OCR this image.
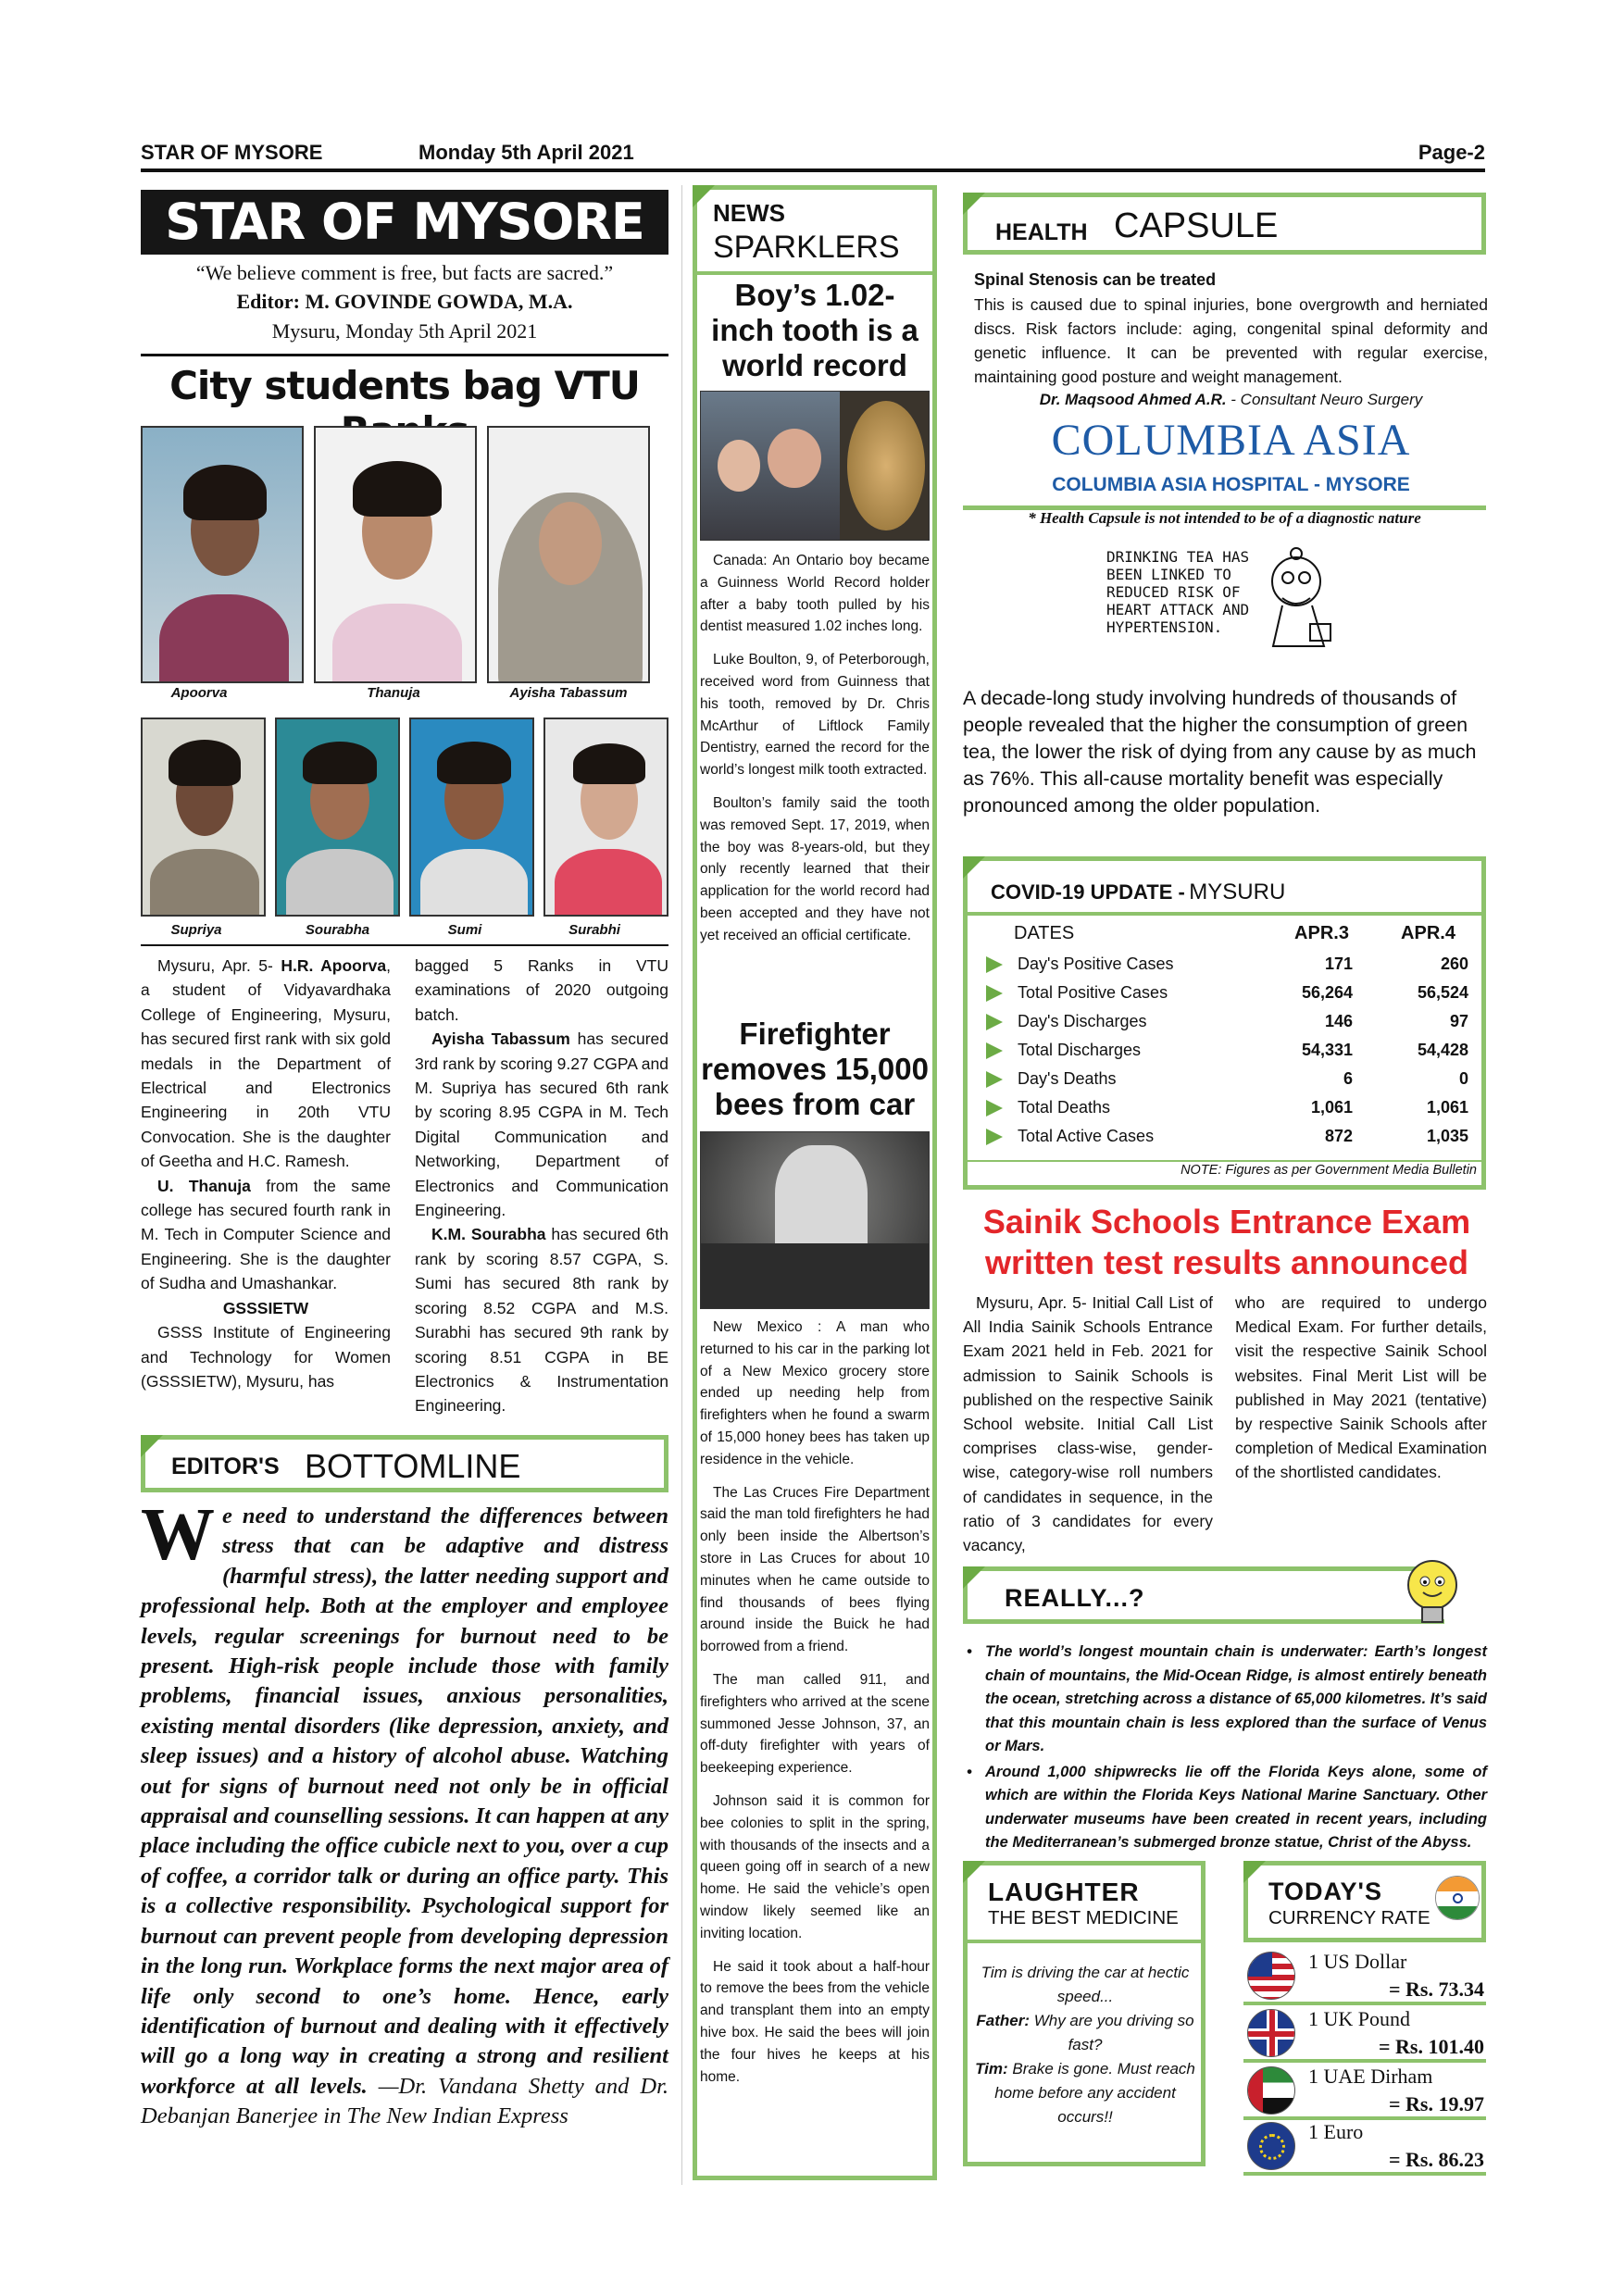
STAR OF MYSORE	Monday 5th April 2021	Page-2
STAR OF MYSORE
“We believe comment is free, but facts are sacred.”
Editor: M. GOVINDE GOWDA, M.A.
Mysuru, Monday 5th April 2021
City students bag VTU
Apoorva	Thanuja	Ayisha Tabassum
Supriya	Sourabha	Sumi	Surabhi

Mysuru, Apr. 5- H.R. Apoorva, a student of Vidyavardhaka College of Engineering, Mysuru, has secured first rank with six gold medals in the Department of Electrical and Electronics Engineering in 20th VTU Convocation. She is the daughter of Geetha and H.C. Ramesh.

U. Thanuja from the same college has secured fourth rank in M. Tech in Computer Science and Engineering. She is the daughter of Sudha and Umashankar.

GSSSIETW

GSSS Institute of Engineering and Technology for Women (GSSSIETW), Mysuru, has

bagged 5 Ranks in VTU examinations of 2020 outgoing batch.

Ayisha Tabassum has secured 3rd rank by scoring 9.27 CGPA and M. Supriya has secured 6th rank by scoring 8.95 CGPA in M. Tech Digital Communication and Networking, Department of Electronics and Communication Engineering.

K.M. Sourabha has secured 6th rank by scoring 8.57 CGPA, S. Sumi has secured 8th rank by scoring 8.52 CGPA and M.S. Surabhi has secured 9th rank by scoring 8.51 CGPA in BE Electronics & Instrumentation Engineering.

EDITOR'S BOTTOMLINE
We need to understand the differences between stress that can be adaptive and distress (harmful stress), the latter needing support and professional help. Both at the employer and employee levels, regular screenings for burnout need to be present. High-risk people include those with family problems, financial issues, anxious personalities, existing mental disorders (like depression, anxiety, and sleep issues) and a history of alcohol abuse. Watching out for signs of burnout need not only be in official appraisal and counselling sessions. It can happen at any place including the office cubicle next to you, over a cup of coffee, a corridor talk or during an office party. This is a collective responsibility. Psychological support for burnout can prevent people from developing depression in the long run. Workplace forms the next major area of life only second to one’s home. Hence, early identification of burnout and dealing with it effectively will go a long way in creating a strong and resilient workforce at all levels. —Dr. Vandana Shetty and Dr. Debanjan Banerjee in The New Indian Express
NEWS
SPARKLERS
Boy’s 1.02-inch tooth is a world record

Canada: An Ontario boy became a Guinness World Record holder after a baby tooth pulled by his dentist measured 1.02 inches long.

Luke Boulton, 9, of Peterborough, received word from Guinness that his tooth, removed by Dr. Chris McArthur of Liftlock Family Dentistry, earned the record for the world’s longest milk tooth extracted.

Boulton’s family said the tooth was removed Sept. 17, 2019, when the boy was 8-years-old, but they only recently learned that their application for the world record had been accepted and they have not yet received an official certificate.

Firefighter removes 15,000 bees from car

New Mexico : A man who returned to his car in the parking lot of a New Mexico grocery store ended up needing help from firefighters when he found a swarm of 15,000 honey bees has taken up residence in the vehicle.

The Las Cruces Fire Department said the man told firefighters he had only been inside the Albertson’s store in Las Cruces for about 10 minutes when he came outside to find thousands of bees flying around inside the Buick he had borrowed from a friend.

The man called 911, and firefighters who arrived at the scene summoned Jesse Johnson, 37, an off-duty firefighter with years of beekeeping experience.

Johnson said it is common for bee colonies to split in the spring, with thousands of the insects and a queen going off in search of a new home. He said the vehicle’s open window likely seemed like an inviting location.

He said it took about a half-hour to remove the bees from the vehicle and transplant them into an empty hive box. He said the bees will join the four hives he keeps at his home.

HEALTH CAPSULE
Spinal Stenosis can be treated
This is caused due to spinal injuries, bone overgrowth and herniated discs. Risk factors include: aging, congenital spinal deformity and genetic influence. It can be prevented with regular exercise, maintaining good posture and weight management.
Dr. Maqsood Ahmed A.R. - Consultant Neuro Surgery
COLUMBIA ASIA
COLUMBIA ASIA HOSPITAL - MYSORE
* Health Capsule is not intended to be of a diagnostic nature
DRINKING TEA HAS BEEN LINKED TO REDUCED RISK OF HEART ATTACK AND HYPERTENSION.
A decade-long study involving hundreds of thousands of people revealed that the higher the consumption of green tea, the lower the risk of dying from any cause by as much as 76%. This all-cause mortality benefit was especially pronounced among the older population.
COVID-19 UPDATE - MYSURU
DATES	APR.3	APR.4
Day's Positive Cases	171	260
Total Positive Cases	56,264	56,524
Day's Discharges	146	97
Total Discharges	54,331	54,428
Day's Deaths	6	0
Total Deaths	1,061	1,061
Total Active Cases	872	1,035
NOTE: Figures as per Government Media Bulletin
Sainik Schools Entrance Exam written test results announced
Mysuru, Apr. 5- Initial Call List of All India Sainik Schools Entrance Exam 2021 held in Feb. 2021 for admission to Sainik Schools is published on the respective Sainik School website. Initial Call List comprises class-wise, gender-wise, category-wise roll numbers of candidates in sequence, in the ratio of 3 candidates for every vacancy,
who are required to undergo Medical Exam. For further details, visit the respective Sainik School websites. Final Merit List will be published in May 2021 (tentative) by respective Sainik Schools after completion of Medical Examination of the shortlisted candidates.
REALLY...?
• The world’s longest mountain chain is underwater: Earth’s longest chain of mountains, the Mid-Ocean Ridge, is almost entirely beneath the ocean, stretching across a distance of 65,000 kilometres. It’s said that this mountain chain is less explored than the surface of Venus or Mars.
• Around 1,000 shipwrecks lie off the Florida Keys alone, some of which are within the Florida Keys National Marine Sanctuary. Other underwater museums have been created in recent years, including the Mediterranean’s submerged bronze statue, Christ of the Abyss.
LAUGHTER
THE BEST MEDICINE

Tim is driving the car at hectic speed...

Father: Why are you driving so fast?

Tim: Brake is gone. Must reach home before any accident occurs!!

TODAY'S
CURRENCY RATE
1 US Dollar
= Rs. 73.34
1 UK Pound
= Rs. 101.40
1 UAE Dirham
= Rs. 19.97
1 Euro
= Rs. 86.23
